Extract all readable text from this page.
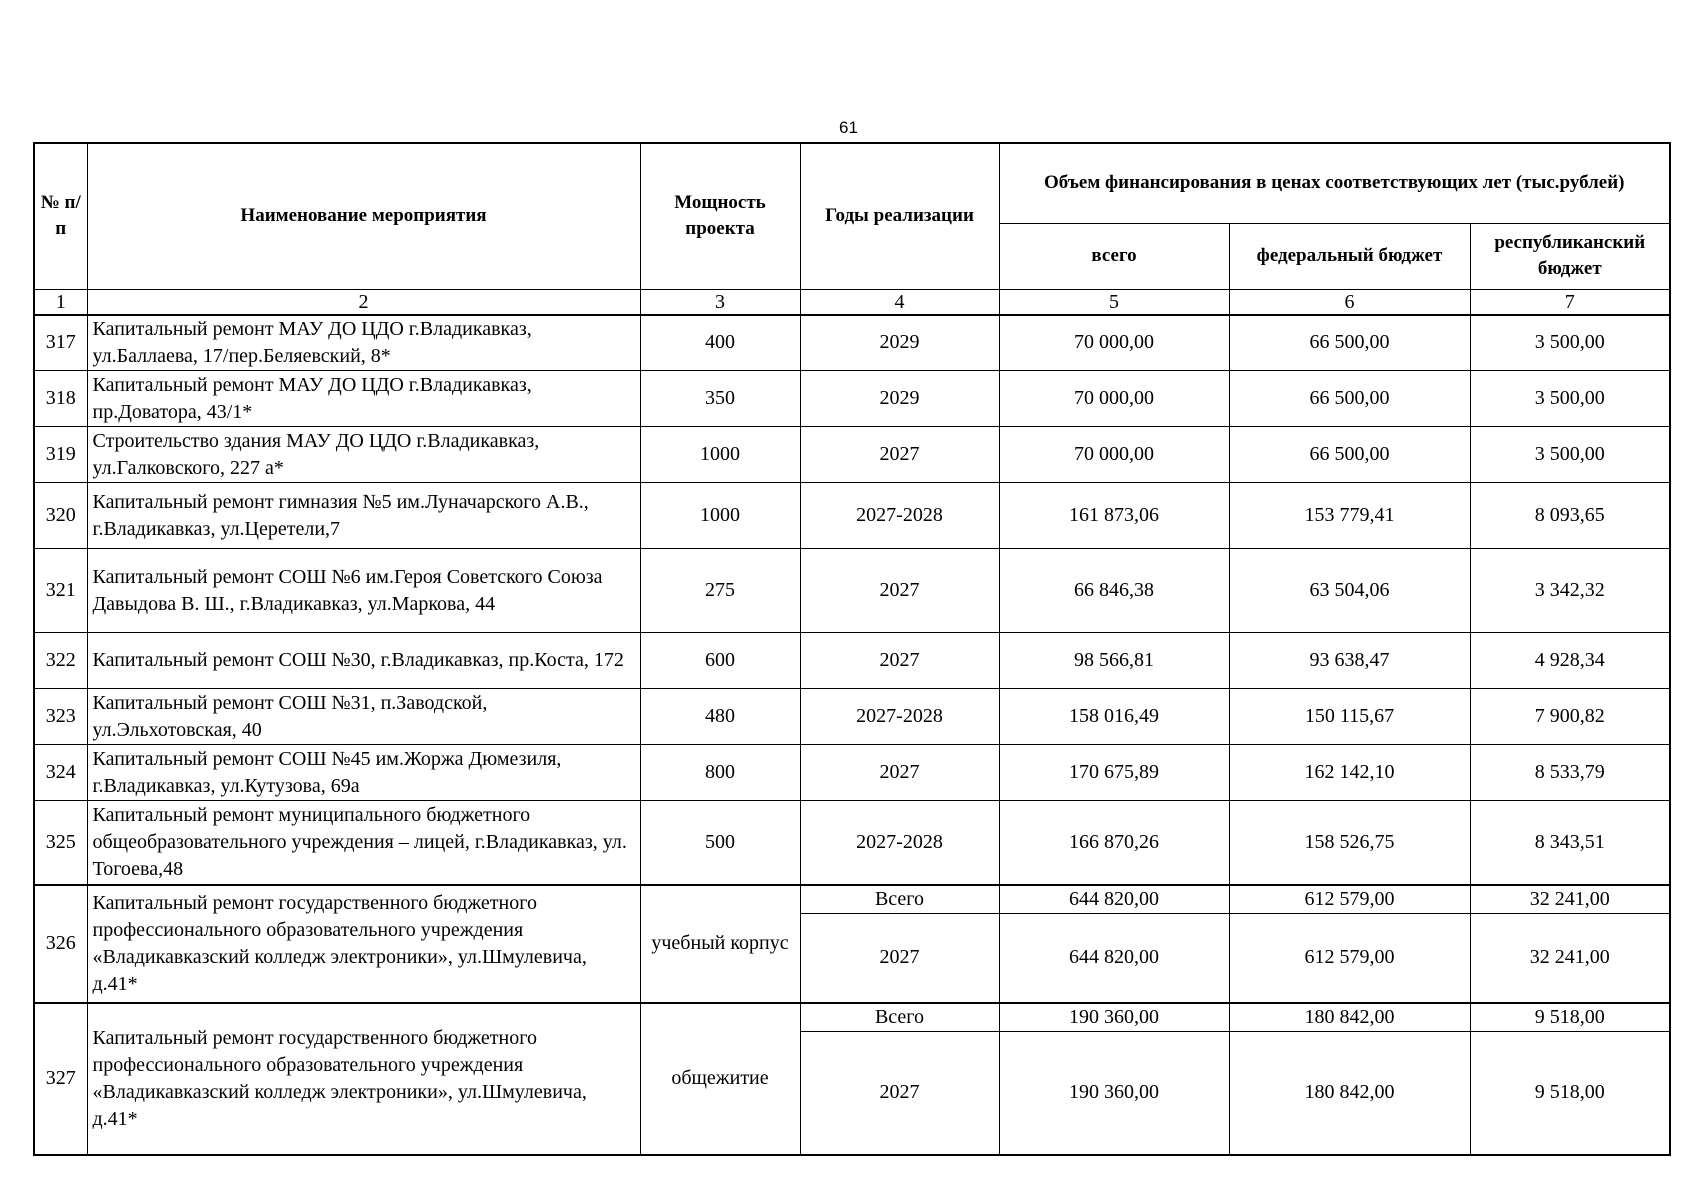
61
№ п/п	Наименование мероприятия	Мощность проекта	Годы реализации	Объем финансирования в ценах соответствующих лет (тыс.рублей)		
				всего	федеральный бюджет	республиканский бюджет
1	2	3	4	5	6	7
317	Капитальный ремонт МАУ ДО ЦДО г.Владикавказ, ул.Баллаева, 17/пер.Беляевский, 8*	400	2029	70 000,00	66 500,00	3 500,00
318	Капитальный ремонт МАУ ДО ЦДО г.Владикавказ, пр.Доватора, 43/1*	350	2029	70 000,00	66 500,00	3 500,00
319	Строительство здания МАУ ДО ЦДО г.Владикавказ, ул.Галковского, 227 а*	1000	2027	70 000,00	66 500,00	3 500,00
320	Капитальный ремонт гимназия №5 им.Луначарского А.В., г.Владикавказ, ул.Церетели,7	1000	2027-2028	161 873,06	153 779,41	8 093,65
321	Капитальный ремонт СОШ №6 им.Героя Советского Союза Давыдова В. Ш., г.Владикавказ, ул.Маркова, 44	275	2027	66 846,38	63 504,06	3 342,32
322	Капитальный ремонт СОШ №30, г.Владикавказ, пр.Коста, 172	600	2027	98 566,81	93 638,47	4 928,34
323	Капитальный ремонт СОШ №31, п.Заводской, ул.Эльхотовская, 40	480	2027-2028	158 016,49	150 115,67	7 900,82
324	Капитальный ремонт СОШ №45 им.Жоржа Дюмезиля, г.Владикавказ, ул.Кутузова, 69а	800	2027	170 675,89	162 142,10	8 533,79
325	Капитальный ремонт муниципального бюджетного общеобразовательного учреждения – лицей, г.Владикавказ, ул. Тогоева,48	500	2027-2028	166 870,26	158 526,75	8 343,51
326	Капитальный ремонт государственного бюджетного профессионального образовательного учреждения «Владикавказский колледж электроники», ул.Шмулевича, д.41*	учебный корпус	Всего	644 820,00	612 579,00	32 241,00
			2027	644 820,00	612 579,00	32 241,00
327	Капитальный ремонт государственного бюджетного профессионального образовательного учреждения «Владикавказский колледж электроники», ул.Шмулевича, д.41*	общежитие	Всего	190 360,00	180 842,00	9 518,00
			2027	190 360,00	180 842,00	9 518,00
